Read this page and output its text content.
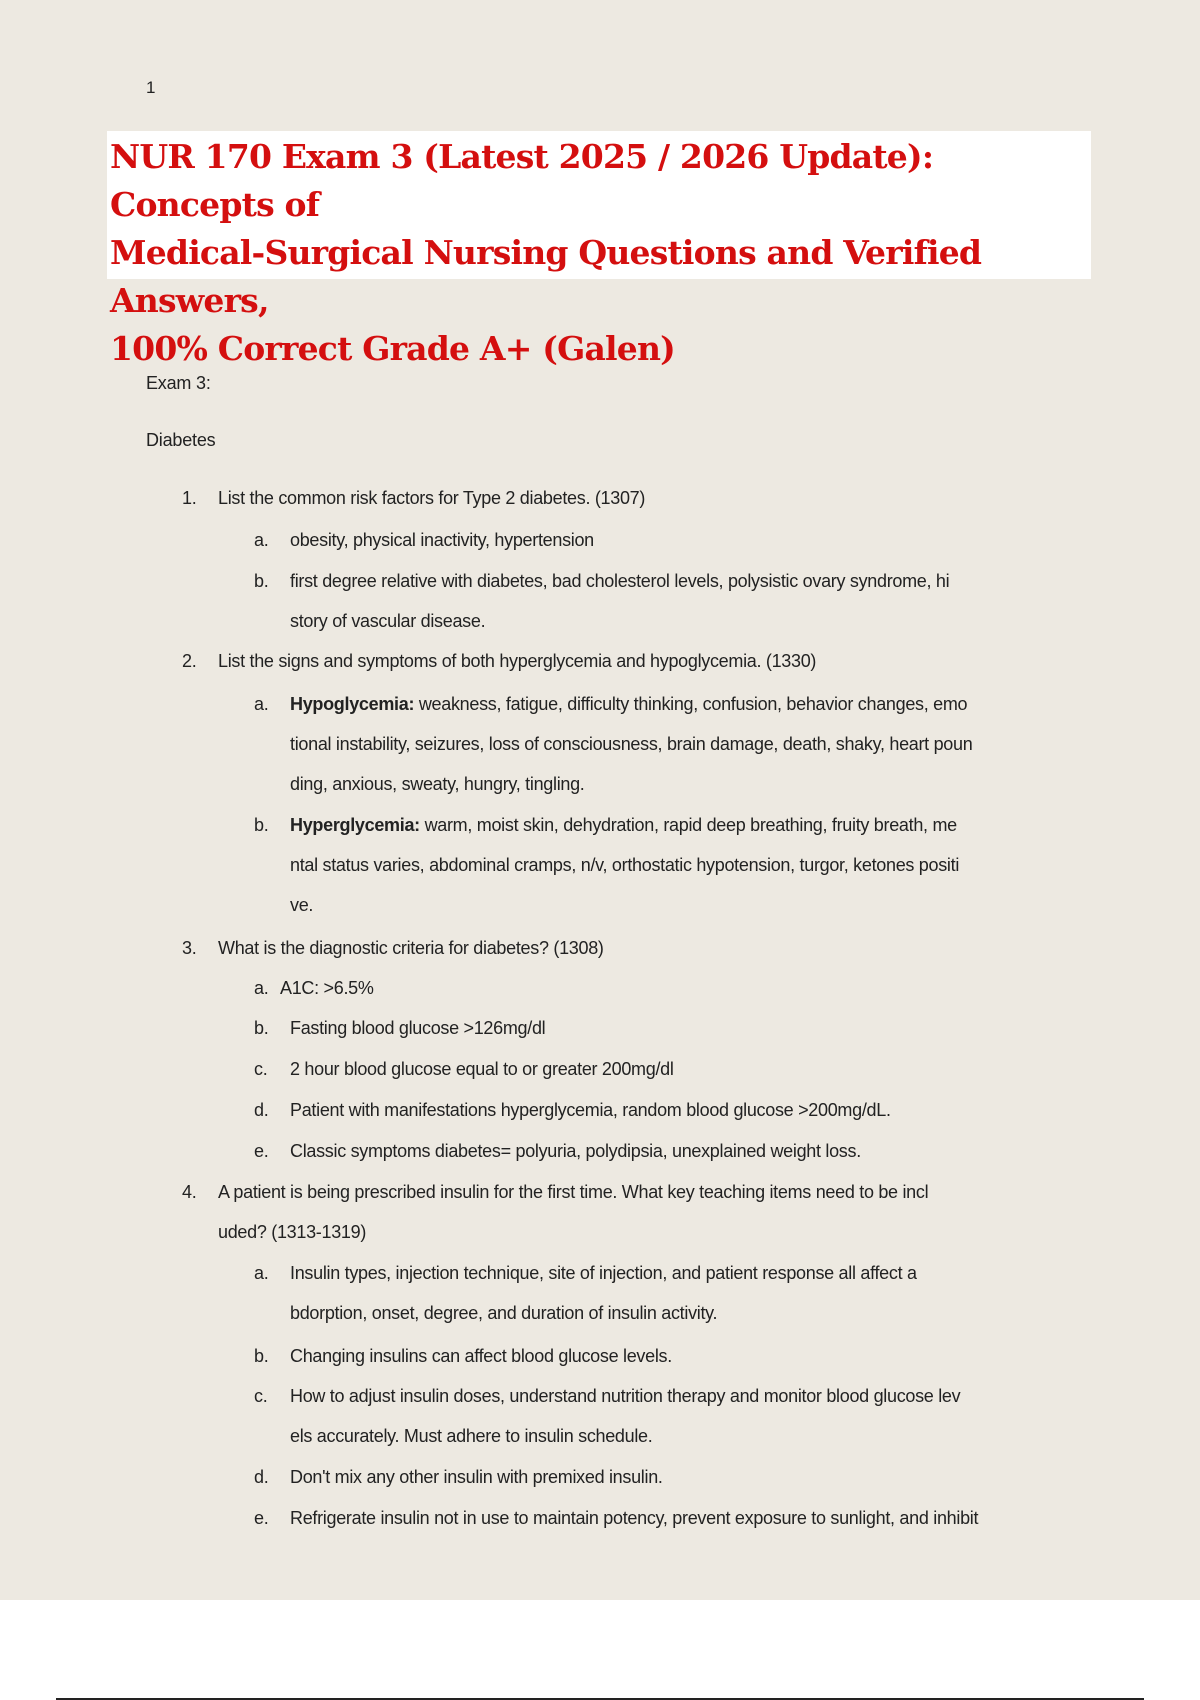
1
NUR 170 Exam 3 (Latest 2025 / 2026 Update): Concepts of
Medical-Surgical Nursing Questions and Verified Answers,
100% Correct Grade A+ (Galen)
Exam 3:
Diabetes
1.	List the common risk factors for Type 2 diabetes. (1307)
a. obesity, physical inactivity, hypertension
b. first degree relative with diabetes, bad cholesterol levels, polysistic ovary syndrome, hi
story of vascular disease.
2.	List the signs and symptoms of both hyperglycemia and hypoglycemia. (1330)
a. Hypoglycemia: weakness, fatigue, difficulty thinking, confusion, behavior changes, emo
tional instability, seizures, loss of consciousness, brain damage, death, shaky, heart poun
ding, anxious, sweaty, hungry, tingling.
b. Hyperglycemia: warm, moist skin, dehydration, rapid deep breathing, fruity breath, me
ntal status varies, abdominal cramps, n/v, orthostatic hypotension, turgor, ketones positi
ve.
3.	What is the diagnostic criteria for diabetes? (1308)
a. A1C: >6.5%
b. Fasting blood glucose >126mg/dl
c. 2 hour blood glucose equal to or greater 200mg/dl
d. Patient with manifestations hyperglycemia, random blood glucose >200mg/dL.
e. Classic symptoms diabetes= polyuria, polydipsia, unexplained weight loss.
4.	A patient is being prescribed insulin for the first time. What key teaching items need to be incl
uded? (1313-1319)
a. Insulin types, injection technique, site of injection, and patient response all affect a
bdorption, onset, degree, and duration of insulin activity.
b. Changing insulins can affect blood glucose levels.
c. How to adjust insulin doses, understand nutrition therapy and monitor blood glucose lev
els accurately. Must adhere to insulin schedule.
d. Don't mix any other insulin with premixed insulin.
e. Refrigerate insulin not in use to maintain potency, prevent exposure to sunlight, and inhibit
